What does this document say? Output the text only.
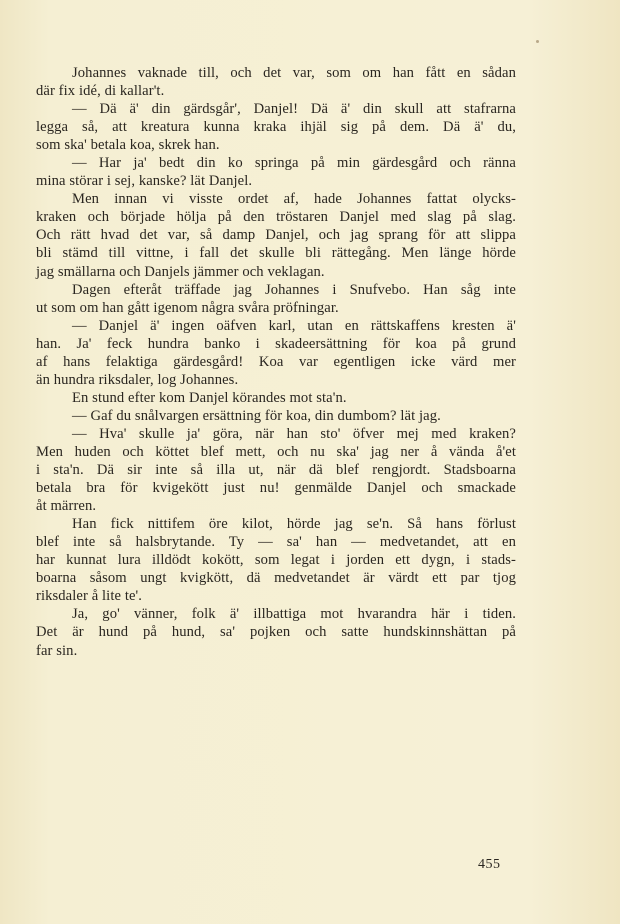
Johannes vaknade till, och det var, som om han fått en sådan
där fix idé, di kallar't.
— Dä ä' din gärdsgår', Danjel! Dä ä' din skull att stafrarna
legga så, att kreatura kunna kraka ihjäl sig på dem. Dä ä' du,
som ska' betala koa, skrek han.
— Har ja' bedt din ko springa på min gärdesgård och ränna
mina störar i sej, kanske? lät Danjel.
Men innan vi visste ordet af, hade Johannes fattat olycks-
kraken och började hölja på den tröstaren Danjel med slag på slag.
Och rätt hvad det var, så damp Danjel, och jag sprang för att slippa
bli stämd till vittne, i fall det skulle bli rättegång. Men länge hörde
jag smällarna och Danjels jämmer och veklagan.
Dagen efteråt träffade jag Johannes i Snufvebo. Han såg inte
ut som om han gått igenom några svåra pröfningar.
— Danjel ä' ingen oäfven karl, utan en rättskaffens kresten ä'
han. Ja' feck hundra banko i skadeersättning för koa på grund
af hans felaktiga gärdesgård! Koa var egentligen icke värd mer
än hundra riksdaler, log Johannes.
En stund efter kom Danjel körandes mot sta'n.
— Gaf du snålvargen ersättning för koa, din dumbom? lät jag.
— Hva' skulle ja' göra, när han sto' öfver mej med kraken?
Men huden och köttet blef mett, och nu ska' jag ner å vända å'et
i sta'n. Dä sir inte så illa ut, när dä blef rengjordt. Stadsboarna
betala bra för kvigekött just nu! genmälde Danjel och smackade
åt märren.
Han fick nittifem öre kilot, hörde jag se'n. Så hans förlust
blef inte så halsbrytande. Ty — sa' han — medvetandet, att en
har kunnat lura illdödt kokött, som legat i jorden ett dygn, i stads-
boarna såsom ungt kvigkött, dä medvetandet är värdt ett par tjog
riksdaler å lite te'.
Ja, go' vänner, folk ä' illbattiga mot hvarandra här i tiden.
Det är hund på hund, sa' pojken och satte hundskinnshättan på
far sin.
455
